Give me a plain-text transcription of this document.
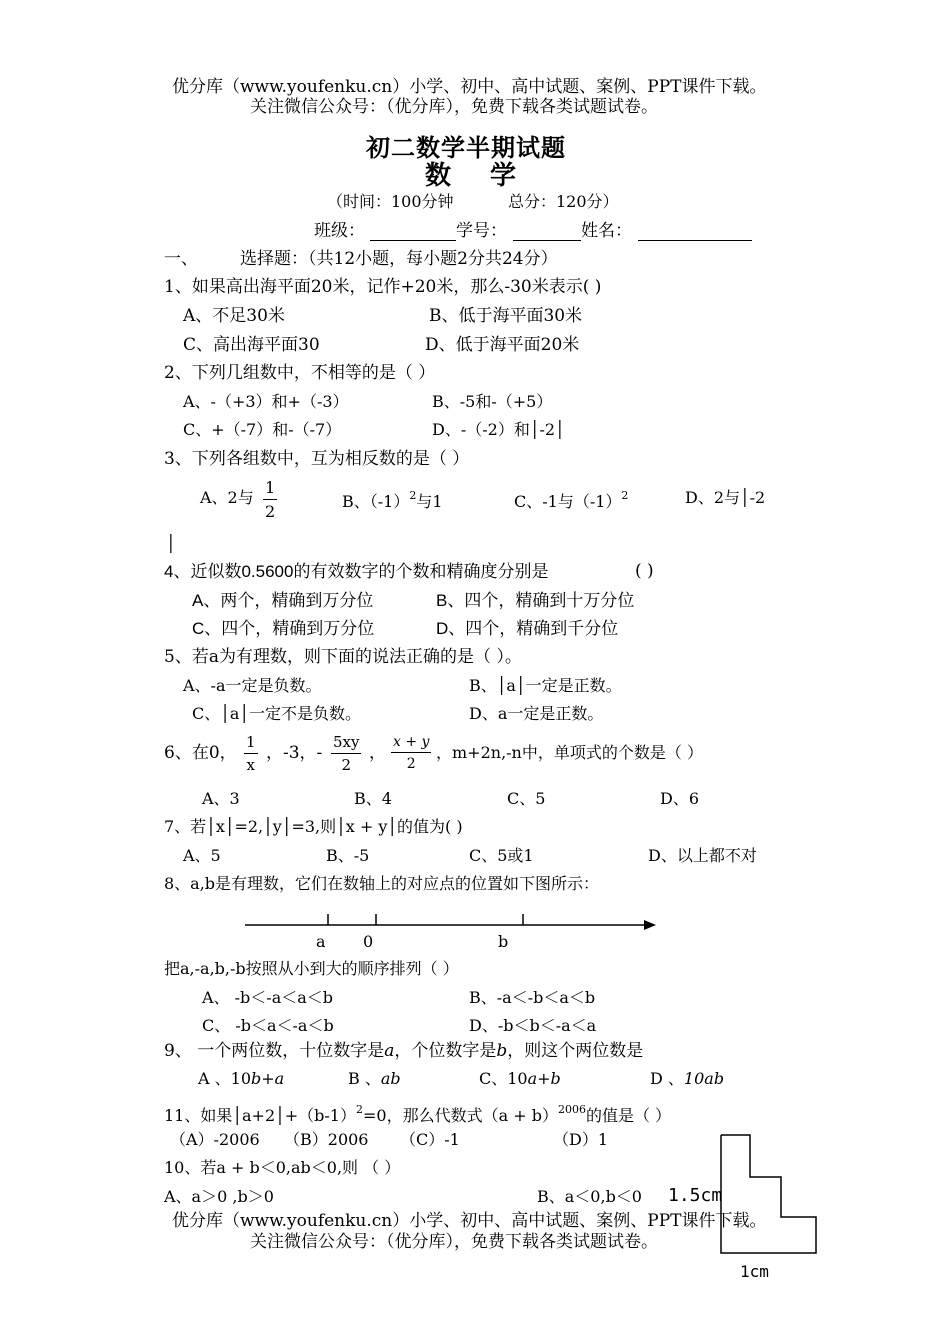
优分库（www.youfenku.cn）小学、初中、高中试题、案例、PPT课件下载。
关注微信公众号：（优分库），免费下载各类试题试卷。
初二数学半期试题
数 学
（时间：100分钟	总分：120分）
班级：	学号：	姓名：
一、 选择题：（共12小题，每小题2分共24分）
1、如果高出海平面20米，记作+20米，那么-30米表示( )
A、不足30米	B、低于海平面30米
C、高出海平面30	D、低于海平面20米
2、下列几组数中，不相等的是（ ）
A、-（+3）和+（-3）	B、-5和-（+5）
C、+（-7）和-（-7）	D、-（-2）和│-2│
3、下列各组数中，互为相反数的是（ ）
A、2与 $\frac{1}{2}$	B、$(-1)^2$与1	C、-1与$(-1)^2$	D、2与│-2
│
4、近似数0.5600的有效数字的个数和精确度分别是	( )
A、两个，精确到万分位	B、四个，精确到十万分位
C、四个，精确到万分位	D、四个，精确到千分位
5、若a为有理数，则下面的说法正确的是（ ）。
A、-a一定是负数。	B、│a│一定是正数。
C、│a│一定不是负数。	D、a一定是正数。
6、在0， $\frac{1}{x}$ ，-3，- $\frac{5xy}{2}$ ， $\frac{x + y}{2}$ ，m+2n,-n中，单项式的个数是（ ）
A、3	B、4	C、5	D、6
7、若│x│=2,│y│=3,则│x + y│的值为( )
A、5	B、-5	C、5或1	D、以上都不对
8、a,b是有理数，它们在数轴上的对应点的位置如下图所示：
a 0	b
把a,-a,b,-b按照从小到大的顺序排列（ ）
A、 -b＜-a＜a＜b	B、-a＜-b＜a＜b
C、 -b＜a＜-a＜b	D、-b＜b＜-a＜a
9、 一个两位数，十位数字是a，个位数字是b，则这个两位数是
A 、10b+a	B 、ab	C、10a+b	D 、10ab
11、如果$│a+2│+(b-1)^2=0$，那么代数式$(a + b)^{2006}$的值是（ ）
（A）-2006 （B）2006 （C）-1	（D）1
10、若a + b＜0,ab＜0,则 （ ）
A、a＞0 ,b＞0	B、a＜0,b＜0 1.5cm
1cm
优分库（www.youfenku.cn）小学、初中、高中试题、案例、PPT课件下载。
关注微信公众号：（优分库），免费下载各类试题试卷。
